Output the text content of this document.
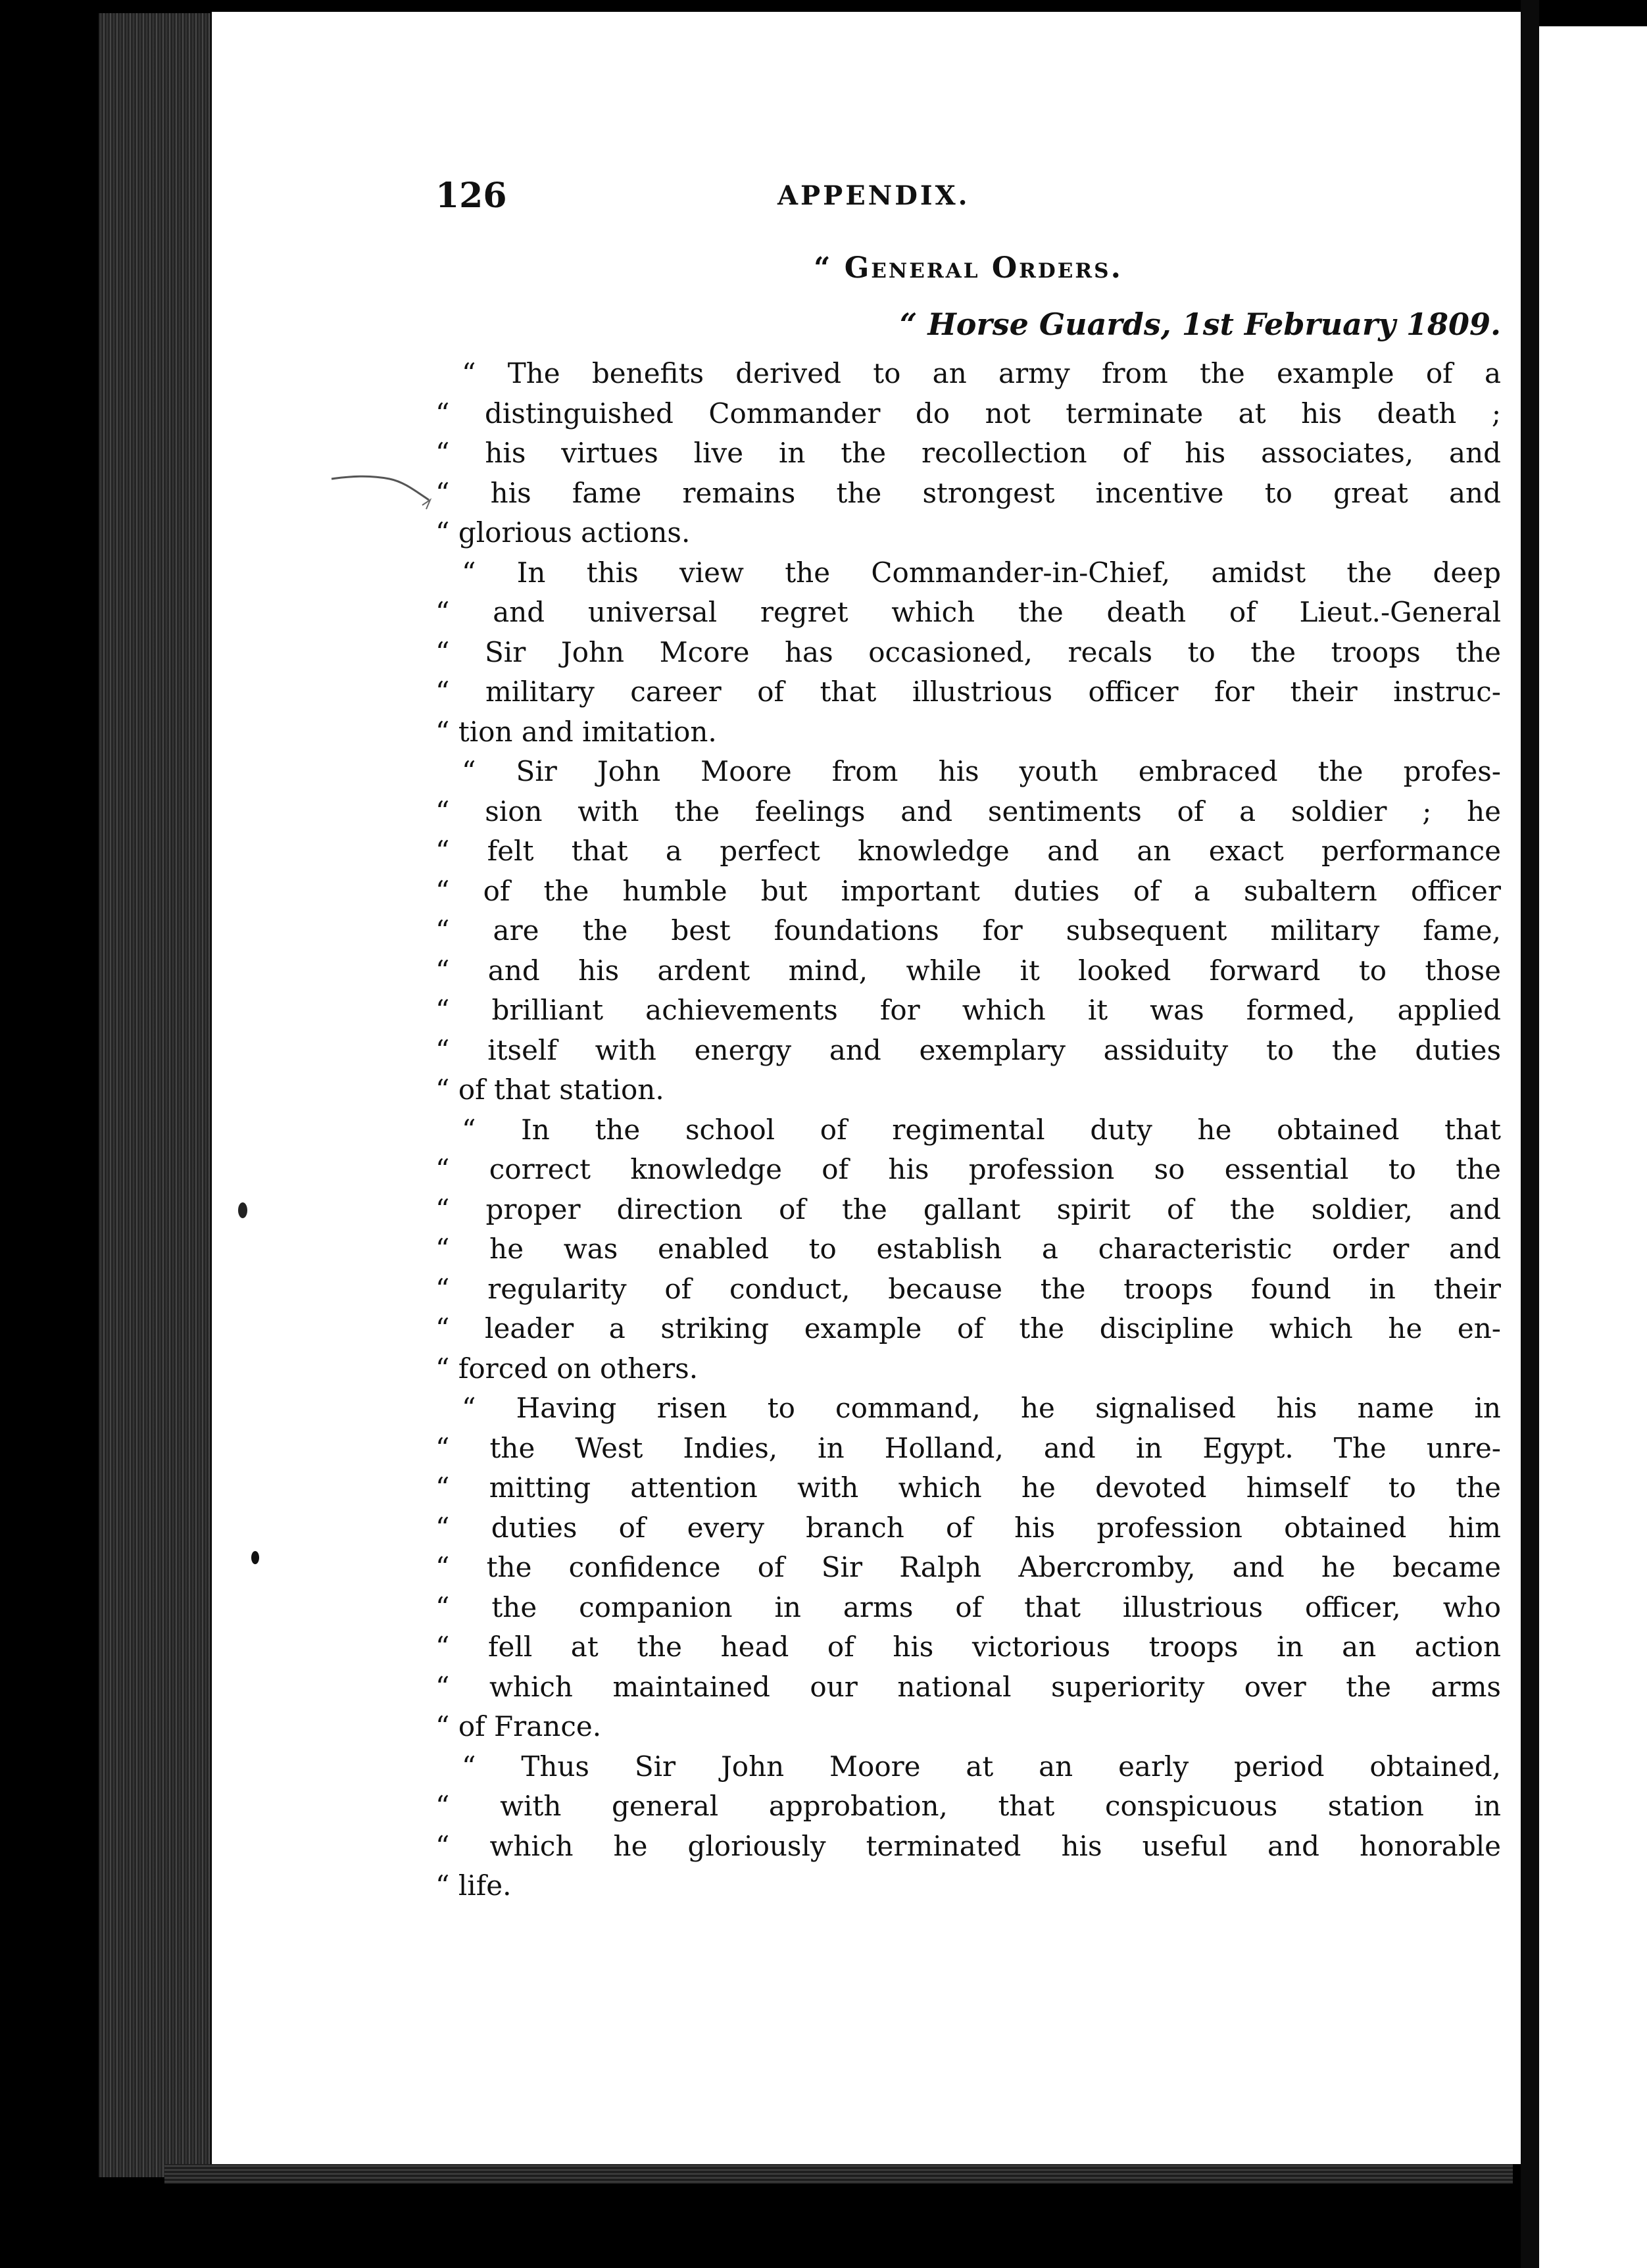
126	APPENDIX.
“ General Orders.
“ Horse Guards, 1st February 1809.
“ The benefits derived to an army from the example of a
“ distinguished Commander do not terminate at his death ;
“ his virtues live in the recollection of his associates, and
“ his fame remains the strongest incentive to great and
“ glorious actions.
“ In this view the Commander-in-Chief, amidst the deep
“ and universal regret which the death of Lieut.-General
“ Sir John Mcore has occasioned, recals to the troops the
“ military career of that illustrious officer for their instruc-
“ tion and imitation.
“ Sir John Moore from his youth embraced the profes-
“ sion with the feelings and sentiments of a soldier ; he
“ felt that a perfect knowledge and an exact performance
“ of the humble but important duties of a subaltern officer
“ are the best foundations for subsequent military fame,
“ and his ardent mind, while it looked forward to those
“ brilliant achievements for which it was formed, applied
“ itself with energy and exemplary assiduity to the duties
“ of that station.
“ In the school of regimental duty he obtained that
“ correct knowledge of his profession so essential to the
“ proper direction of the gallant spirit of the soldier, and
“ he was enabled to establish a characteristic order and
“ regularity of conduct, because the troops found in their
“ leader a striking example of the discipline which he en-
“ forced on others.
“ Having risen to command, he signalised his name in
“ the West Indies, in Holland, and in Egypt. The unre-
“ mitting attention with which he devoted himself to the
“ duties of every branch of his profession obtained him
“ the confidence of Sir Ralph Abercromby, and he became
“ the companion in arms of that illustrious officer, who
“ fell at the head of his victorious troops in an action
“ which maintained our national superiority over the arms
“ of France.
“ Thus Sir John Moore at an early period obtained,
“ with general approbation, that conspicuous station in
“ which he gloriously terminated his useful and honorable
“ life.
